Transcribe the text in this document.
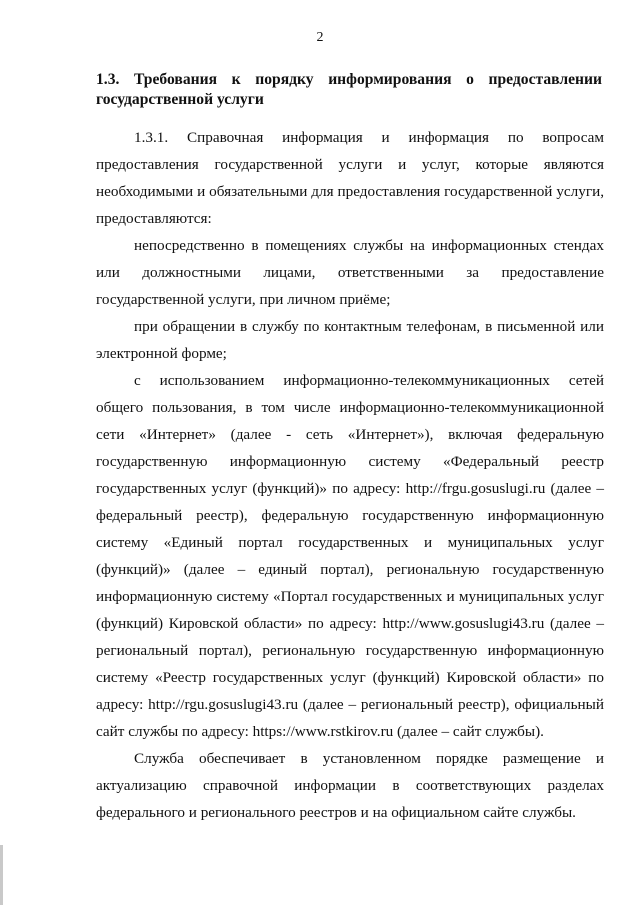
2
1.3. Требования к порядку информирования о предоставлении государственной услуги

1.3.1. Справочная информация и информация по вопросам предоставления государственной услуги и услуг, которые являются необходимыми и обязательными для предоставления государственной услуги, предоставляются:

непосредственно в помещениях службы на информационных стендах или должностными лицами, ответственными за предоставление государственной услуги, при личном приёме;

при обращении в службу по контактным телефонам, в письменной или электронной форме;

с использованием информационно-телекоммуникационных сетей общего пользования, в том числе информационно-телекоммуникационной сети «Интернет» (далее - сеть «Интернет»), включая федеральную государственную информационную систему «Федеральный реестр государственных услуг (функций)» по адресу: http://frgu.gosuslugi.ru (далее – федеральный реестр), федеральную государственную информационную систему «Единый портал государственных и муниципальных услуг (функций)» (далее – единый портал), региональную государственную информационную систему «Портал государственных и муниципальных услуг (функций) Кировской области» по адресу: http://www.gosuslugi43.ru (далее – региональный портал), региональную государственную информационную систему «Реестр государственных услуг (функций) Кировской области» по адресу: http://rgu.gosuslugi43.ru (далее – региональный реестр), официальный сайт службы по адресу: https://www.rstkirov.ru (далее – сайт службы).

Служба обеспечивает в установленном порядке размещение и актуализацию справочной информации в соответствующих разделах федерального и регионального реестров и на официальном сайте службы.
